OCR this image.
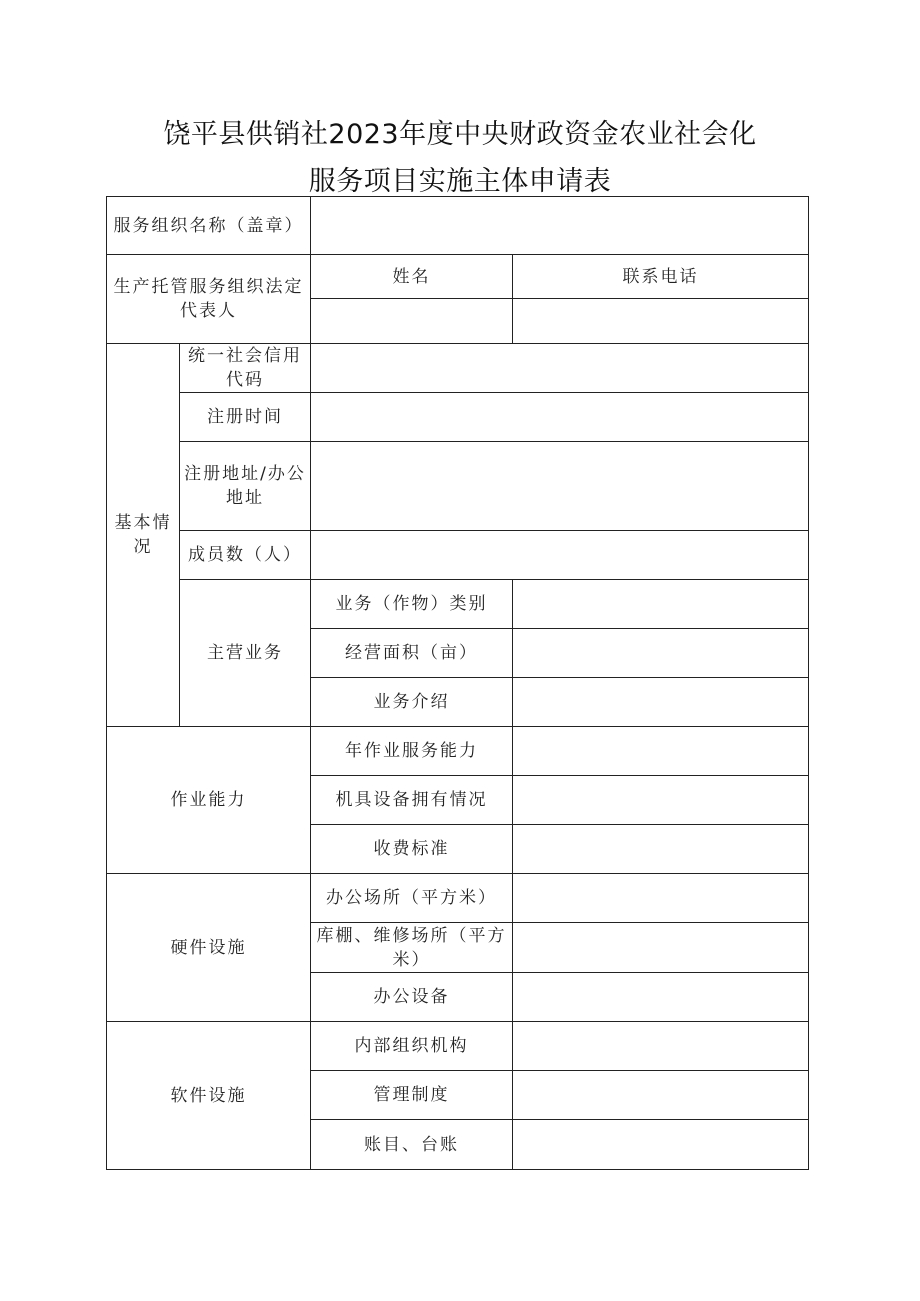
饶平县供销社2023年度中央财政资金农业社会化
服务项目实施主体申请表
服务组织名称（盖章）			
生产托管服务组织法定代表人		姓名	联系电话

基本情况	统一社会信用代码		
	注册时间		
	注册地址/办公地址		
	成员数（人）		
	主营业务	业务（作物）类别	
		经营面积（亩）	
		业务介绍	
作业能力		年作业服务能力	
		机具设备拥有情况	
		收费标准	
硬件设施		办公场所（平方米）	
		库棚、维修场所（平方米）	
		办公设备	
软件设施		内部组织机构	
		管理制度	
		账目、台账	
